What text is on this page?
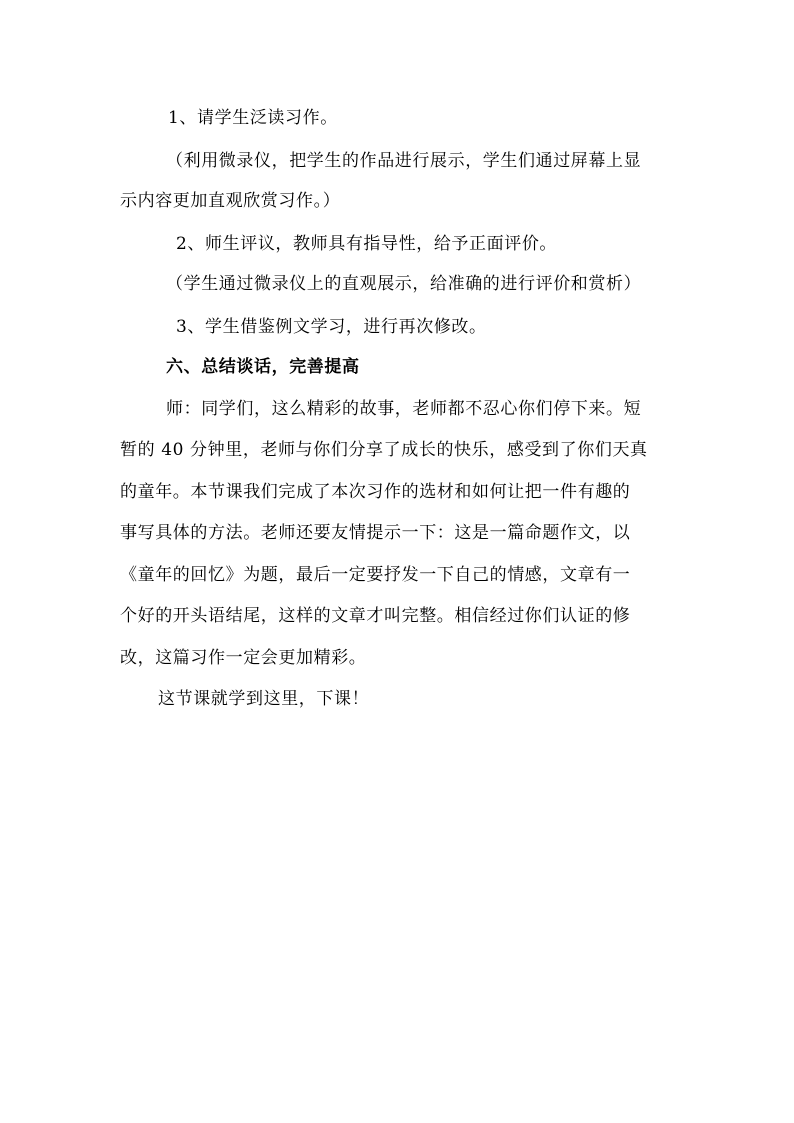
1、请学生泛读习作。
（利用微录仪，把学生的作品进行展示，学生们通过屏幕上显
示内容更加直观欣赏习作。）
2、师生评议，教师具有指导性，给予正面评价。
（学生通过微录仪上的直观展示，给准确的进行评价和赏析）
3、学生借鉴例文学习，进行再次修改。
六、总结谈话，完善提高
师：同学们，这么精彩的故事，老师都不忍心你们停下来。短
暂的 40 分钟里，老师与你们分享了成长的快乐，感受到了你们天真
的童年。本节课我们完成了本次习作的选材和如何让把一件有趣的
事写具体的方法。老师还要友情提示一下：这是一篇命题作文，以
《童年的回忆》为题，最后一定要抒发一下自己的情感，文章有一
个好的开头语结尾，这样的文章才叫完整。相信经过你们认证的修
改，这篇习作一定会更加精彩。
这节课就学到这里，下课！
